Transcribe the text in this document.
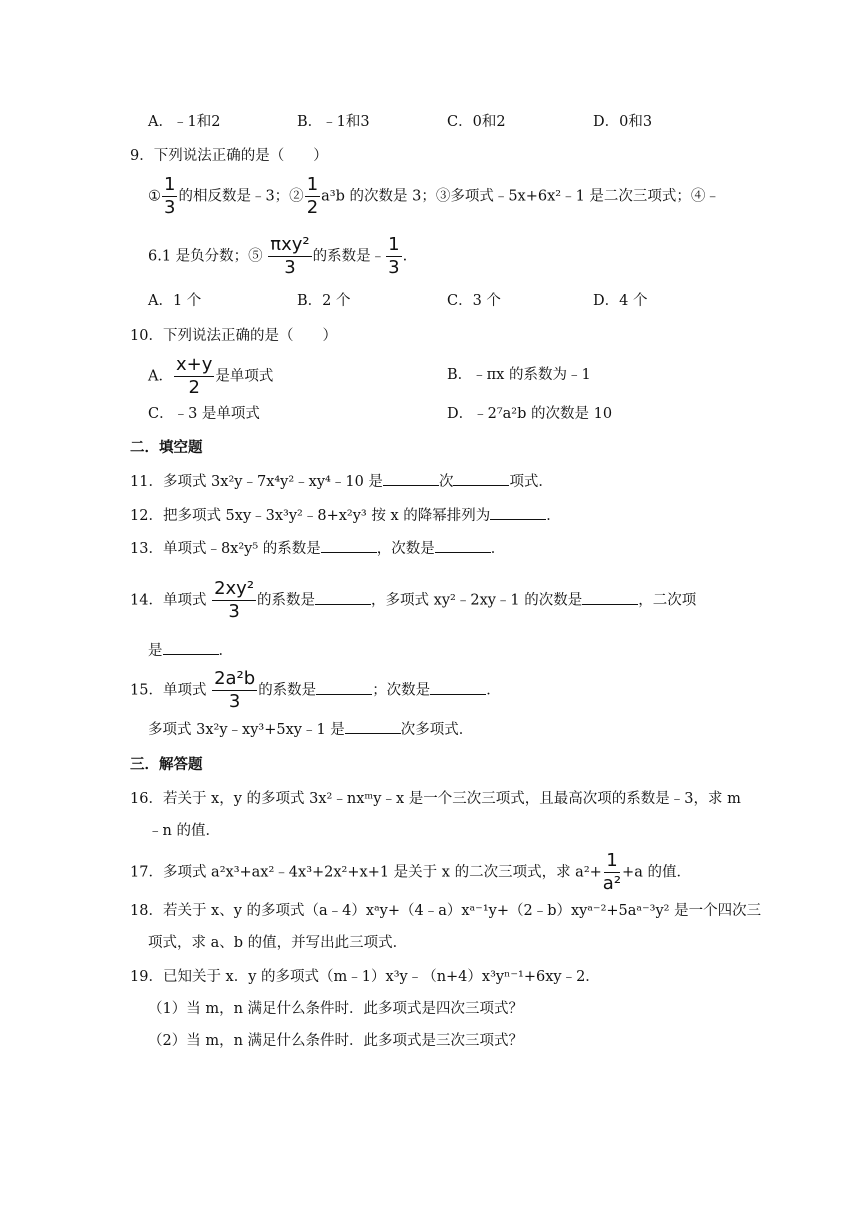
A．﹣1和2	B．﹣1和3	C．0和2	D．0和3
9．下列说法正确的是（　　）
① $\frac{1}{3}$ 的相反数是﹣3；② $\frac{1}{2} a^3b$ 的次数是 3；③多项式﹣5x+6x²﹣1 是二次三项式；④﹣
6.1 是负分数；⑤ $\frac{\text{πxy²}}{3}$ 的系数是﹣ $\frac{1}{3}$ .
A．1 个	B．2 个	C．3 个	D．4 个
10．下列说法正确的是（　　）
A． $\frac{x+y}{2}$ 是单项式	B．﹣πx 的系数为﹣1
C．﹣3 是单项式	D．﹣2⁷a²b 的次数是 10
二．填空题
11．多项式 3x²y﹣7x⁴y²﹣xy⁴﹣10 是	次	项式．
12．把多项式 5xy﹣3x³y²﹣8+x²y³ 按 x 的降幂排列为	．
13．单项式﹣8x²y⁵ 的系数是	，次数是	．
14．单项式 $\frac{\text{2xy²}}{3}$ 的系数是	，多项式 xy²﹣2xy﹣1 的次数是	，二次项
是	．
15．单项式 $\frac{\text{2a²b}}{3}$ 的系数是	；次数是	．
多项式 3x²y﹣xy³+5xy﹣1 是	次多项式．
三．解答题
16．若关于 x，y 的多项式 3x²﹣nxᵐy﹣x 是一个三次三项式，且最高次项的系数是﹣3，求 m
﹣n 的值．
17．多项式 a²x³+ax²﹣4x³+2x²+x+1 是关于 x 的二次三项式，求 $a^2+ \frac{1}{\text{a²}} +a$ 的值．
18．若关于 x、y 的多项式（a﹣4）xᵃy+（4﹣a）xᵃ⁻¹y+（2﹣b）xyᵃ⁻²+5aᵃ⁻³y² 是一个四次三
项式，求 a、b 的值，并写出此三项式．
19．已知关于 x．y 的多项式（m﹣1）x³y﹣（n+4）x³yⁿ⁻¹+6xy﹣2．
（1）当 m，n 满足什么条件时．此多项式是四次三项式？
（2）当 m，n 满足什么条件时．此多项式是三次三项式？
